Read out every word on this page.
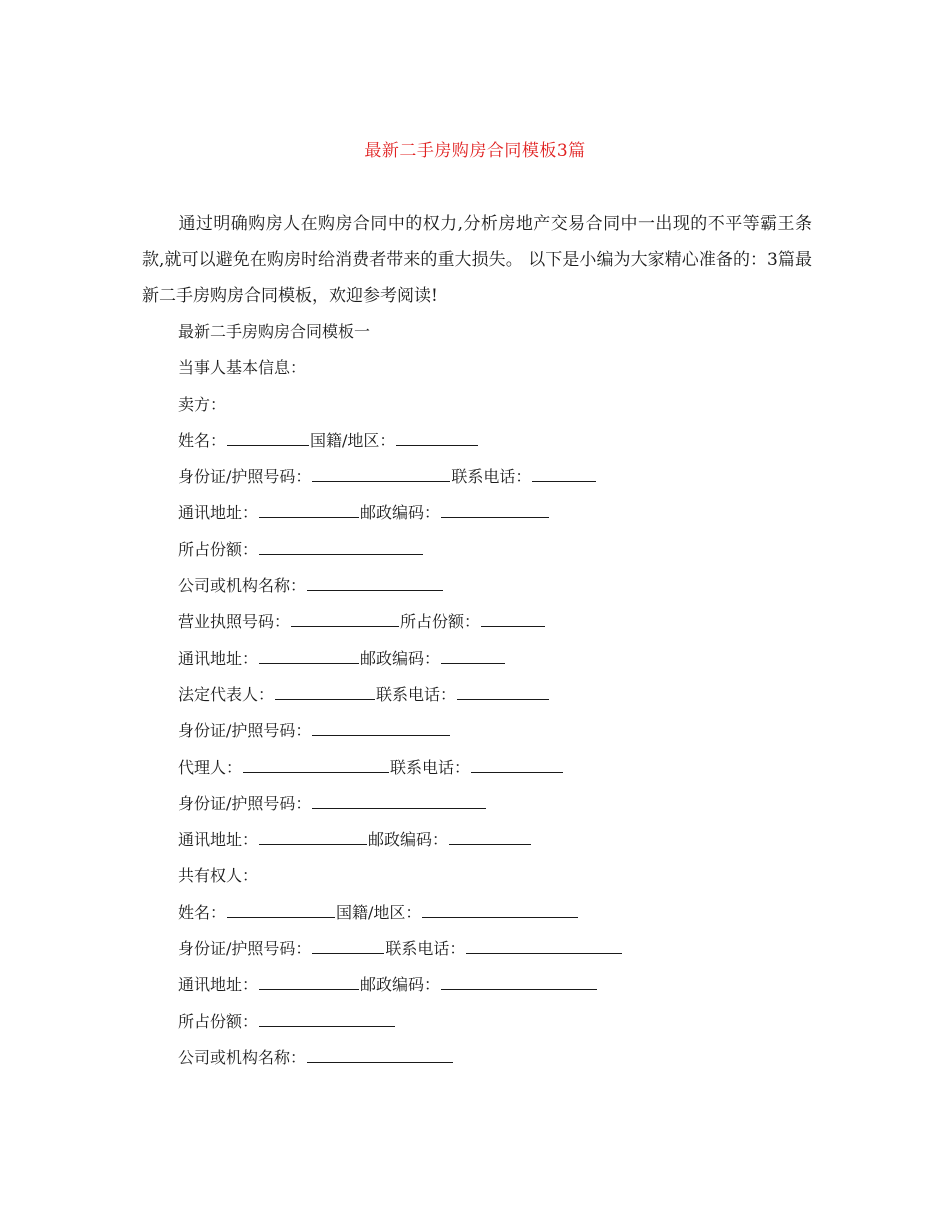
最新二手房购房合同模板3篇
通过明确购房人在购房合同中的权力,分析房地产交易合同中一出现的不平等霸王条款,就可以避免在购房时给消费者带来的重大损失。 以下是小编为大家精心准备的：3篇最新二手房购房合同模板，欢迎参考阅读!
最新二手房购房合同模板一
当事人基本信息：
卖方：
姓名：	国籍/地区：
身份证/护照号码：	联系电话：
通讯地址：	邮政编码：
所占份额：
公司或机构名称：
营业执照号码：	所占份额：
通讯地址：	邮政编码：
法定代表人：	联系电话：
身份证/护照号码：
代理人：	联系电话：
身份证/护照号码：
通讯地址：	邮政编码：
共有权人：
姓名：	国籍/地区：
身份证/护照号码：	联系电话：
通讯地址：	邮政编码：
所占份额：
公司或机构名称：
